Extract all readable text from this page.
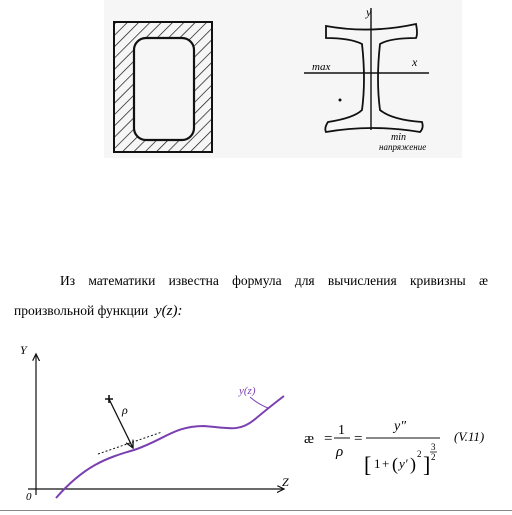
y
x
max
min
напряжение
Из математики известна формула для вычисления кривизны æ
произвольной функции y(z):
Y
Z
0
ρ
y(z)
æ =
1
ρ
=
y″
[ 1 + ( y′ ) 2 ]
3
2
(V.11)
